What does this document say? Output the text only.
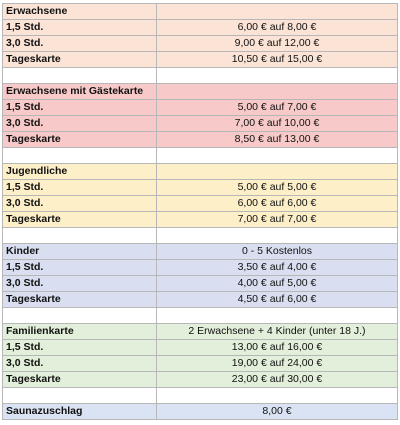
Erwachsene	
1,5 Std.	6,00 € auf 8,00 €
3,0 Std.	9,00 € auf 12,00 €
Tageskarte	10,50 € auf 15,00 €

Erwachsene mit Gästekarte	
1,5 Std.	5,00 € auf 7,00 €
3,0 Std.	7,00 € auf 10,00 €
Tageskarte	8,50 € auf 13,00 €

Jugendliche	
1,5 Std.	5,00 € auf 5,00 €
3,0 Std.	6,00 € auf 6,00 €
Tageskarte	7,00 € auf 7,00 €

Kinder	0 - 5 Kostenlos
1,5 Std.	3,50 € auf 4,00 €
3,0 Std.	4,00 € auf 5,00 €
Tageskarte	4,50 € auf 6,00 €

Familienkarte	2 Erwachsene + 4 Kinder (unter 18 J.)
1,5 Std.	13,00 € auf 16,00 €
3,0 Std.	19,00 € auf 24,00 €
Tageskarte	23,00 € auf 30,00 €

Saunazuschlag	8,00 €
